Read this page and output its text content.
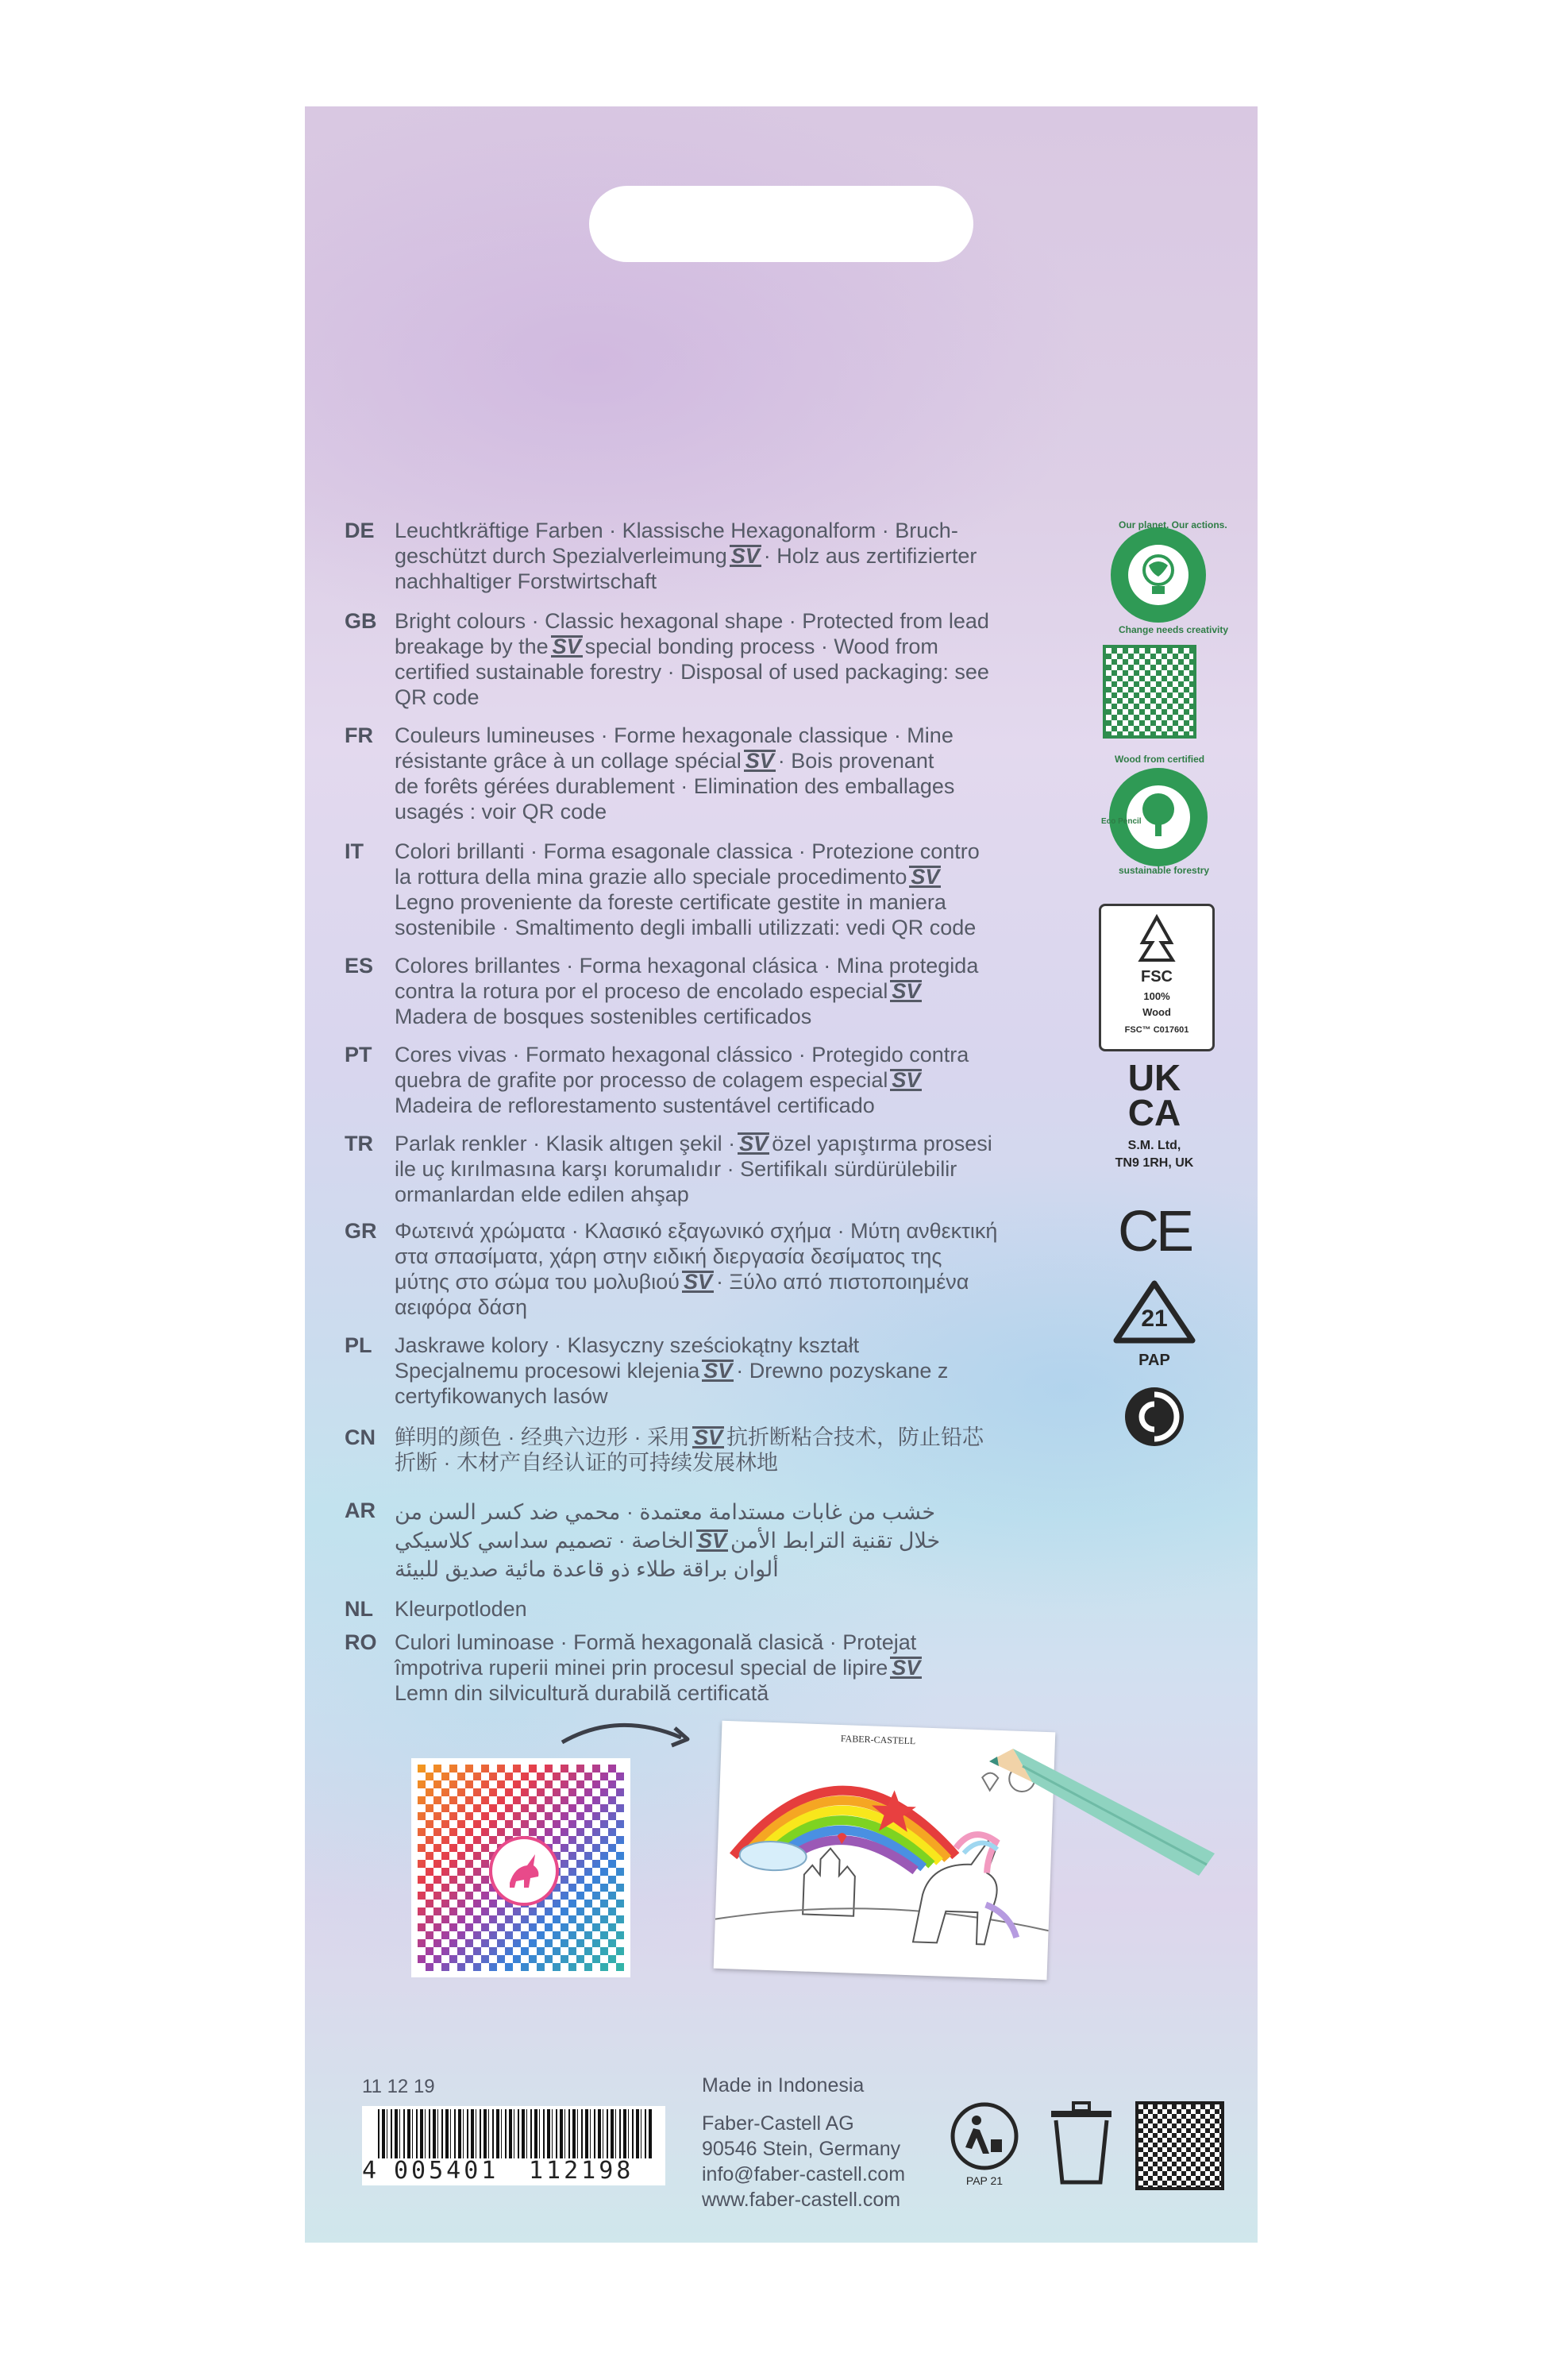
DE Leuchtkräftige Farben · Klassische Hexagonalform · Bruch-
geschützt durch Spezialverleimung SV · Holz aus zertifizierter
nachhaltiger Forstwirtschaft
GB Bright colours · Classic hexagonal shape · Protected from lead
breakage by the SV special bonding process · Wood from
certified sustainable forestry · Disposal of used packaging: see
QR code
FR Couleurs lumineuses · Forme hexagonale classique · Mine
résistante grâce à un collage spécial SV · Bois provenant
de forêts gérées durablement · Elimination des emballages
usagés : voir QR code
IT Colori brillanti · Forma esagonale classica · Protezione contro
la rottura della mina grazie allo speciale procedimento SV
Legno proveniente da foreste certificate gestite in maniera
sostenibile · Smaltimento degli imballi utilizzati: vedi QR code
ES Colores brillantes · Forma hexagonal clásica · Mina protegida
contra la rotura por el proceso de encolado especial SV
Madera de bosques sostenibles certificados
PT Cores vivas · Formato hexagonal clássico · Protegido contra
quebra de grafite por processo de colagem especial SV
Madeira de reflorestamento sustentável certificado
TR Parlak renkler · Klasik altıgen şekil · SV özel yapıştırma prosesi
ile uç kırılmasına karşı korumalıdır · Sertifikalı sürdürülebilir
ormanlardan elde edilen ahşap
GR Φωτεινά χρώματα · Κλασικό εξαγωνικό σχήμα · Μύτη ανθεκτική
στα σπασίματα, χάρη στην ειδική διεργασία δεσίματος της
μύτης στο σώμα του μολυβιού SV · Ξύλο από πιστοποιημένα
αειφόρα δάση
PL Jaskrawe kolory · Klasyczny sześciokątny kształt
Specjalnemu procesowi klejenia SV · Drewno pozyskane z
certyfikowanych lasów
CN 鲜明的颜色 · 经典六边形 · 采用 SV 抗折断粘合技术，防止铅芯
折断 · 木材产自经认证的可持续发展林地
AR خشب من غابات مستدامة معتمدة · محمي ضد كسر السن من
خلال تقنية الترابط الأمنSVالخاصة · تصميم سداسي كلاسيكي
ألوان براقة طلاء ذو قاعدة مائية صديق للبيئة
NL Kleurpotloden
RO Culori luminoase · Formă hexagonală clasică · Protejat
împotriva ruperii minei prin procesul special de lipire SV
Lemn din silvicultură durabilă certificată
Our planet. Our actions.
Change needs creativity
Wood from certified
Eco Pencil
sustainable forestry
FSC
100%
Wood
FSC™ C017601
UK
CA
S.M. Ltd,
TN9 1RH, UK
CE
21
PAP
FABER-CASTELL
11 12 19
4 005401 112198
Made in Indonesia
Faber-Castell AG
90546 Stein, Germany
info@faber-castell.com
www.faber-castell.com
PAP 21
